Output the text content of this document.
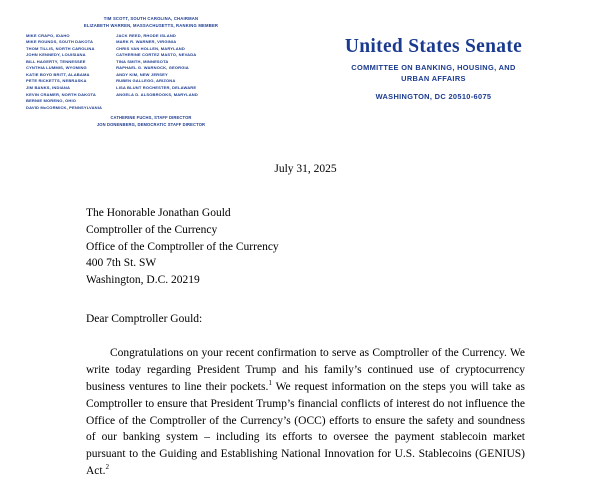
TIM SCOTT, SOUTH CAROLINA, CHAIRMAN
ELIZABETH WARREN, MASSACHUSETTS, RANKING MEMBER
MIKE CRAPO, IDAHO
MIKE ROUNDS, SOUTH DAKOTA
THOM TILLIS, NORTH CAROLINA
JOHN KENNEDY, LOUISIANA
BILL HAGERTY, TENNESSEE
CYNTHIA LUMMIS, WYOMING
KATIE BOYD BRITT, ALABAMA
PETE RICKETTS, NEBRASKA
JIM BANKS, INDIANA
KEVIN CRAMER, NORTH DAKOTA
BERNIE MORENO, OHIO
DAVID McCORMICK, PENNSYLVANIA
JACK REED, RHODE ISLAND
MARK R. WARNER, VIRGINIA
CHRIS VAN HOLLEN, MARYLAND
CATHERINE CORTEZ MASTO, NEVADA
TINA SMITH, MINNESOTA
RAPHAEL G. WARNOCK, GEORGIA
ANDY KIM, NEW JERSEY
RUBEN GALLEGO, ARIZONA
LISA BLUNT ROCHESTER, DELAWARE
ANGELA D. ALSOBROOKS, MARYLAND
CATHERINE FUCHS, STAFF DIRECTOR
JON DONENBERG, DEMOCRATIC STAFF DIRECTOR
United States Senate
COMMITTEE ON BANKING, HOUSING, AND
URBAN AFFAIRS
WASHINGTON, DC 20510-6075
July 31, 2025
The Honorable Jonathan Gould
Comptroller of the Currency
Office of the Comptroller of the Currency
400 7th St. SW
Washington, D.C. 20219
Dear Comptroller Gould:

Congratulations on your recent confirmation to serve as Comptroller of the Currency. We write today regarding President Trump and his family’s continued use of cryptocurrency business ventures to line their pockets.$^1$ We request information on the steps you will take as Comptroller to ensure that President Trump’s financial conflicts of interest do not influence the Office of the Comptroller of the Currency’s (OCC) efforts to ensure the safety and soundness of our banking system – including its efforts to oversee the payment stablecoin market pursuant to the Guiding and Establishing National Innovation for U.S. Stablecoins (GENIUS) Act.$^2$
